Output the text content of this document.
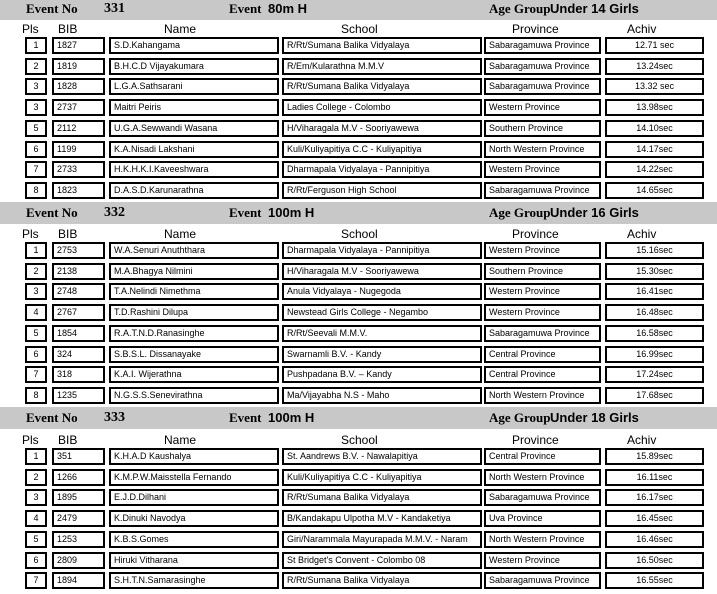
Event No 331	Event 80m H	Age Group Under 14 Girls
Pls BIB	Name	School	Province	Achiv
1	1827	S.D.Kahangama	R/Rt/Sumana Balika Vidyalaya	Sabaragamuwa Province	12.71 sec
2	1819	B.H.C.D Vijayakumara	R/Em/Kularathna M.M.V	Sabaragamuwa Province	13.24sec
3	1828	L.G.A.Sathsarani	R/Rt/Sumana Balika Vidyalaya	Sabaragamuwa Province	13.32 sec
3	2737	Maitri Peiris	Ladies College - Colombo	Western Province	13.98sec
5	2112	U.G.A.Sewwandi Wasana	H/Viharagala M.V - Sooriyawewa	Southern Province	14.10sec
6	1199	K.A.Nisadi Lakshani	Kuli/Kuliyapitiya C.C - Kuliyapitiya	North Western Province	14.17sec
7	2733	H.K.H.K.I.Kaveeshwara	Dharmapala Vidyalaya - Pannipitiya	Western Province	14.22sec
8	1823	D.A.S.D.Karunarathna	R/Rt/Ferguson High School	Sabaragamuwa Province	14.65sec
Event No 332	Event 100m H	Age Group Under 16 Girls
Pls BIB	Name	School	Province	Achiv
1	2753	W.A.Senuri Anuththara	Dharmapala Vidyalaya - Pannipitiya	Western Province	15.16sec
2	2138	M.A.Bhagya Nilmini	H/Viharagala M.V - Sooriyawewa	Southern Province	15.30sec
3	2748	T.A.Nelindi Nimethma	Anula Vidyalaya - Nugegoda	Western Province	16.41sec
4	2767	T.D.Rashini Dilupa	Newstead Girls College - Negambo	Western Province	16.48sec
5	1854	R.A.T.N.D.Ranasinghe	R/Rt/Seevali M.M.V.	Sabaragamuwa Province	16.58sec
6	324	S.B.S.L. Dissanayake	Swarnamli B.V. - Kandy	Central Province	16.99sec
7	318	K.A.I. Wijerathna	Pushpadana B.V. – Kandy	Central Province	17.24sec
8	1235	N.G.S.S.Senevirathna	Ma/Vijayabha N.S - Maho	North Western Province	17.68sec
Event No 333	Event 100m H	Age Group Under 18 Girls
Pls BIB	Name	School	Province	Achiv
1	351	K.H.A.D Kaushalya	St. Aandrews B.V. - Nawalapitiya	Central Province	15.89sec
2	1266	K.M.P.W.Maisstella Fernando	Kuli/Kuliyapitiya C.C - Kuliyapitiya	North Western Province	16.11sec
3	1895	E.J.D.Dilhani	R/Rt/Sumana Balika Vidyalaya	Sabaragamuwa Province	16.17sec
4	2479	K.Dinuki Navodya	B/Kandakapu Ulpotha M.V - Kandaketiya	Uva Province	16.45sec
5	1253	K.B.S.Gomes	Giri/Narammala Mayurapada M.M.V. - Naram	North Western Province	16.46sec
6	2809	Hiruki Vitharana	St Bridget's Convent - Colombo 08	Western Province	16.50sec
7	1894	S.H.T.N.Samarasinghe	R/Rt/Sumana Balika Vidyalaya	Sabaragamuwa Province	16.55sec
